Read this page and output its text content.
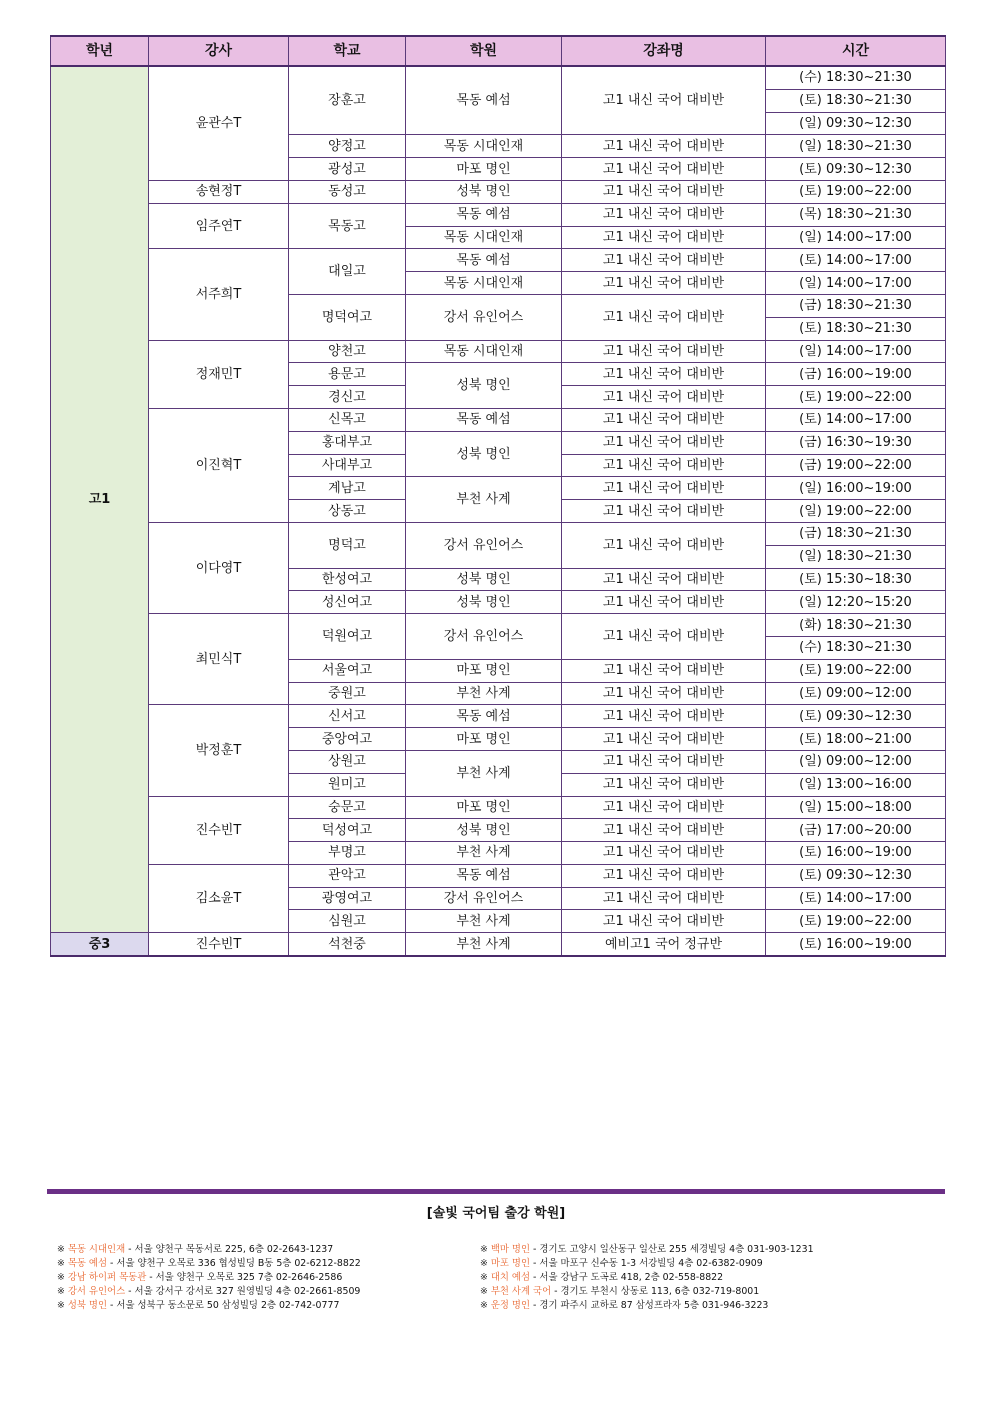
학년	강사	학교	학원	강좌명	시간
고1	윤관수T	장훈고	목동 예섬	고1 내신 국어 대비반	(수) 18:30~21:30
					(토) 18:30~21:30
					(일) 09:30~12:30
		양정고	목동 시대인재	고1 내신 국어 대비반	(일) 18:30~21:30
		광성고	마포 명인	고1 내신 국어 대비반	(토) 09:30~12:30
	송현정T	동성고	성북 명인	고1 내신 국어 대비반	(토) 19:00~22:00
	임주연T	목동고	목동 예섬	고1 내신 국어 대비반	(목) 18:30~21:30
			목동 시대인재	고1 내신 국어 대비반	(일) 14:00~17:00
	서주희T	대일고	목동 예섬	고1 내신 국어 대비반	(토) 14:00~17:00
			목동 시대인재	고1 내신 국어 대비반	(일) 14:00~17:00
		명덕여고	강서 유인어스	고1 내신 국어 대비반	(금) 18:30~21:30
					(토) 18:30~21:30
	정재민T	양천고	목동 시대인재	고1 내신 국어 대비반	(일) 14:00~17:00
		용문고	성북 명인	고1 내신 국어 대비반	(금) 16:00~19:00
		경신고		고1 내신 국어 대비반	(토) 19:00~22:00
	이진혁T	신목고	목동 예섬	고1 내신 국어 대비반	(토) 14:00~17:00
		홍대부고	성북 명인	고1 내신 국어 대비반	(금) 16:30~19:30
		사대부고		고1 내신 국어 대비반	(금) 19:00~22:00
		계남고	부천 사계	고1 내신 국어 대비반	(일) 16:00~19:00
		상동고		고1 내신 국어 대비반	(일) 19:00~22:00
	이다영T	명덕고	강서 유인어스	고1 내신 국어 대비반	(금) 18:30~21:30
					(일) 18:30~21:30
		한성여고	성북 명인	고1 내신 국어 대비반	(토) 15:30~18:30
		성신여고	성북 명인	고1 내신 국어 대비반	(일) 12:20~15:20
	최민식T	덕원여고	강서 유인어스	고1 내신 국어 대비반	(화) 18:30~21:30
					(수) 18:30~21:30
		서울여고	마포 명인	고1 내신 국어 대비반	(토) 19:00~22:00
		중원고	부천 사계	고1 내신 국어 대비반	(토) 09:00~12:00
	박정훈T	신서고	목동 예섬	고1 내신 국어 대비반	(토) 09:30~12:30
		중앙여고	마포 명인	고1 내신 국어 대비반	(토) 18:00~21:00
		상원고	부천 사계	고1 내신 국어 대비반	(일) 09:00~12:00
		원미고		고1 내신 국어 대비반	(일) 13:00~16:00
	진수빈T	숭문고	마포 명인	고1 내신 국어 대비반	(일) 15:00~18:00
		덕성여고	성북 명인	고1 내신 국어 대비반	(금) 17:00~20:00
		부명고	부천 사계	고1 내신 국어 대비반	(토) 16:00~19:00
	김소윤T	관악고	목동 예섬	고1 내신 국어 대비반	(토) 09:30~12:30
		광영여고	강서 유인어스	고1 내신 국어 대비반	(토) 14:00~17:00
		심원고	부천 사계	고1 내신 국어 대비반	(토) 19:00~22:00
중3	진수빈T	석천중	부천 사계	예비고1 국어 정규반	(토) 16:00~19:00
[솔빛 국어팀 출강 학원]
※ 목동 시대인재 - 서울 양천구 목동서로 225, 6층 02-2643-1237
※ 목동 예섬 - 서울 양천구 오목로 336 협성빌딩 B동 5층 02-6212-8822
※ 강남 하이퍼 목동관 - 서울 양천구 오목로 325 7층 02-2646-2586
※ 강서 유인어스 - 서울 강서구 강서로 327 원영빌딩 4층 02-2661-8509
※ 성북 명인 - 서울 성북구 동소문로 50 삼성빌딩 2층 02-742-0777
※ 백마 명인 - 경기도 고양시 일산동구 일산로 255 세경빌딩 4층 031-903-1231
※ 마포 명인 - 서울 마포구 신수동 1-3 서강빌딩 4층 02-6382-0909
※ 대치 예섬 - 서울 강남구 도곡로 418, 2층 02-558-8822
※ 부천 사계 국어 - 경기도 부천시 상동로 113, 6층 032-719-8001
※ 운정 명인 - 경기 파주시 교하로 87 삼성프라자 5층 031-946-3223
